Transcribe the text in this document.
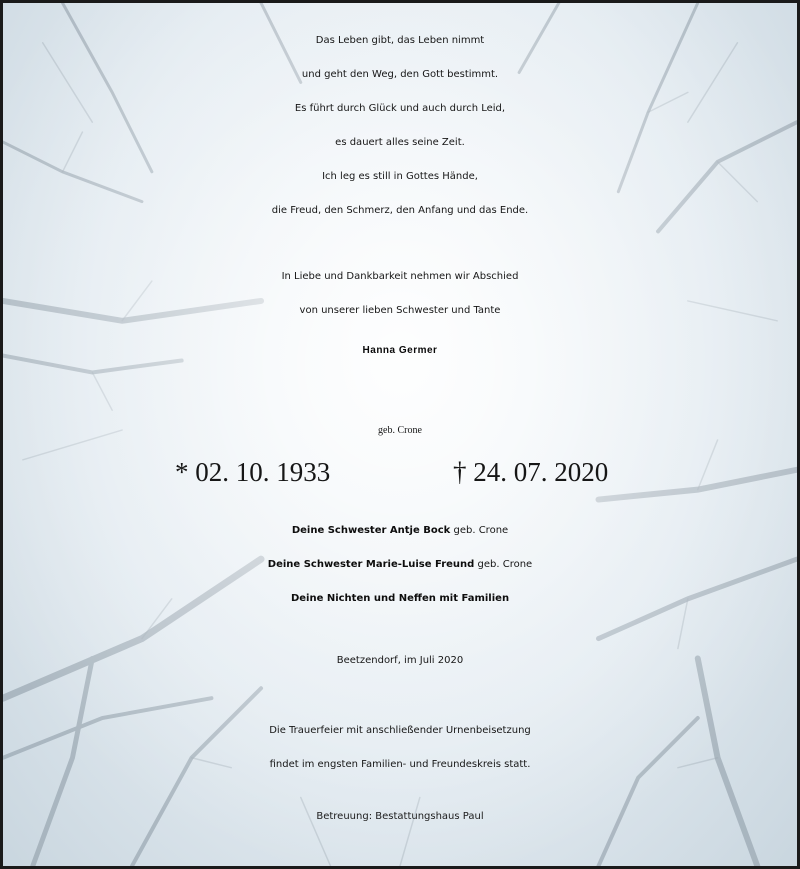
Das Leben gibt, das Leben nimmt
und geht den Weg, den Gott bestimmt.
Es führt durch Glück und auch durch Leid,
es dauert alles seine Zeit.
Ich leg es still in Gottes Hände,
die Freud, den Schmerz, den Anfang und das Ende.
In Liebe und Dankbarkeit nehmen wir Abschied
von unserer lieben Schwester und Tante
Hanna Germer
geb. Crone
* 02. 10. 1933	† 24. 07. 2020
Deine Schwester Antje Bock geb. Crone
Deine Schwester Marie-Luise Freund geb. Crone
Deine Nichten und Neffen mit Familien
Beetzendorf, im Juli 2020
Die Trauerfeier mit anschließender Urnenbeisetzung
findet im engsten Familien- und Freundeskreis statt.
Betreuung: Bestattungshaus Paul
